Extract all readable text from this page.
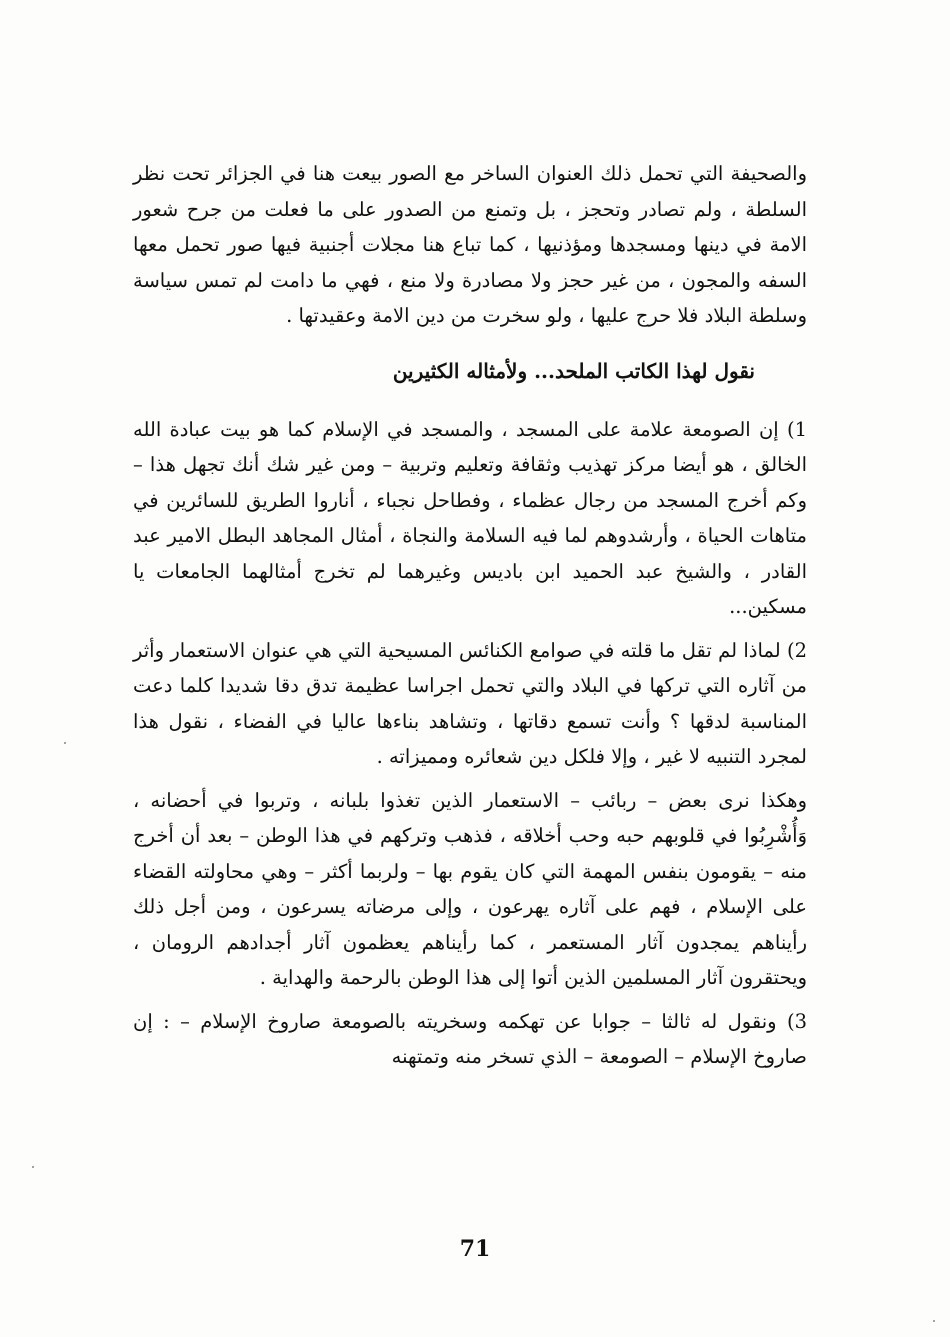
والصحيفة التي تحمل ذلك العنوان الساخر مع الصور بيعت هنا في الجزائر تحت نظر السلطة ، ولم تصادر وتحجز ، بل وتمنع من الصدور على ما فعلت من جرح شعور الامة في دينها ومسجدها ومؤذنيها ، كما تباع هنا مجلات أجنبية فيها صور تحمل معها السفه والمجون ، من غير حجز ولا مصادرة ولا منع ، فهي ما دامت لم تمس سياسة وسلطة البلاد فلا حرج عليها ، ولو سخرت من دين الامة وعقيدتها .

نقول لهذا الكاتب الملحد... ولأمثاله الكثيرين

1) إن الصومعة علامة على المسجد ، والمسجد في الإسلام كما هو بيت عبادة الله الخالق ، هو أيضا مركز تهذيب وثقافة وتعليم وتربية – ومن غير شك أنك تجهل هذا – وكم أخرج المسجد من رجال عظماء ، وفطاحل نجباء ، أناروا الطريق للسائرين في متاهات الحياة ، وأرشدوهم لما فيه السلامة والنجاة ، أمثال المجاهد البطل الامير عبد القادر ، والشيخ عبد الحميد ابن باديس وغيرهما لم تخرج أمثالهما الجامعات يا مسكين...

2) لماذا لم تقل ما قلته في صوامع الكنائس المسيحية التي هي عنوان الاستعمار وأثر من آثاره التي تركها في البلاد والتي تحمل اجراسا عظيمة تدق دقا شديدا كلما دعت المناسبة لدقها ؟ وأنت تسمع دقاتها ، وتشاهد بناءها عاليا في الفضاء ، نقول هذا لمجرد التنبيه لا غير ، وإلا فلكل دين شعائره ومميزاته .

وهكذا نرى بعض – ربائب – الاستعمار الذين تغذوا بلبانه ، وتربوا في أحضانه ، وَأُشْرِبُوا في قلوبهم حبه وحب أخلاقه ، فذهب وتركهم في هذا الوطن – بعد أن أخرج منه – يقومون بنفس المهمة التي كان يقوم بها – ولربما أكثر – وهي محاولته القضاء على الإسلام ، فهم على آثاره يهرعون ، وإلى مرضاته يسرعون ، ومن أجل ذلك رأيناهم يمجدون آثار المستعمر ، كما رأيناهم يعظمون آثار أجدادهم الرومان ، ويحتقرون آثار المسلمين الذين أتوا إلى هذا الوطن بالرحمة والهداية .

3) ونقول له ثالثا – جوابا عن تهكمه وسخريته بالصومعة صاروخ الإسلام – : إن صاروخ الإسلام – الصومعة – الذي تسخر منه وتمتهنه

71
